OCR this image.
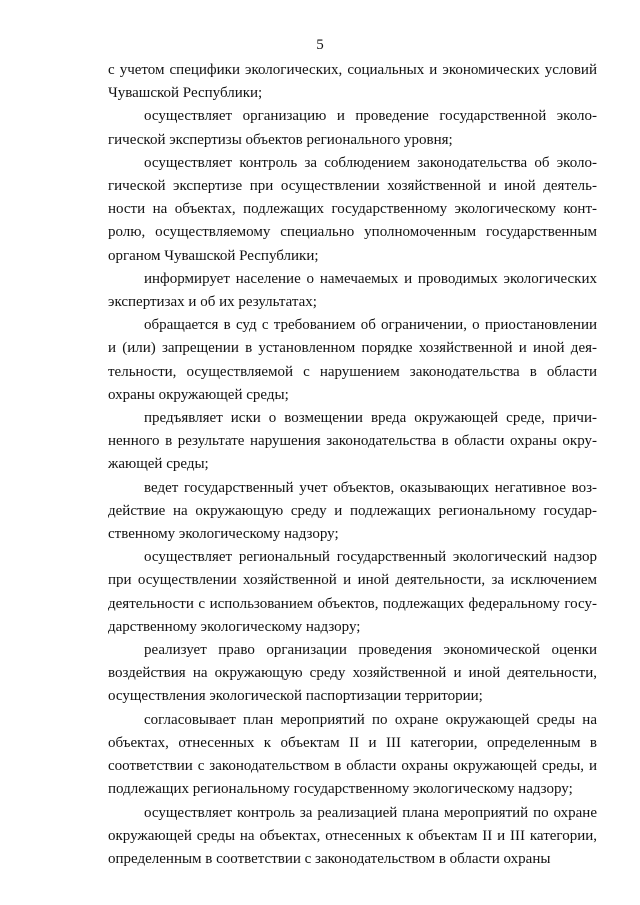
5

с учетом специфики экологических, социальных и экономических условий Чувашской Республики;

осуществляет организацию и проведение государственной экологической экспертизы объектов регионального уровня;

осуществляет контроль за соблюдением законодательства об экологической экспертизе при осуществлении хозяйственной и иной деятельности на объектах, подлежащих государственному экологическому контролю, осуществляемому специально уполномоченным государственным органом Чувашской Республики;

информирует население о намечаемых и проводимых экологических экспертизах и об их результатах;

обращается в суд с требованием об ограничении, о приостановлении и (или) запрещении в установленном порядке хозяйственной и иной деятельности, осуществляемой с нарушением законодательства в области охраны окружающей среды;

предъявляет иски о возмещении вреда окружающей среде, причиненного в результате нарушения законодательства в области охраны окружающей среды;

ведет государственный учет объектов, оказывающих негативное воздействие на окружающую среду и подлежащих региональному государственному экологическому надзору;

осуществляет региональный государственный экологический надзор при осуществлении хозяйственной и иной деятельности, за исключением деятельности с использованием объектов, подлежащих федеральному государственному экологическому надзору;

реализует право организации проведения экономической оценки воздействия на окружающую среду хозяйственной и иной деятельности, осуществления экологической паспортизации территории;

согласовывает план мероприятий по охране окружающей среды на объектах, отнесенных к объектам II и III категории, определенным в соответствии с законодательством в области охраны окружающей среды, и подлежащих региональному государственному экологическому надзору;

осуществляет контроль за реализацией плана мероприятий по охране окружающей среды на объектах, отнесенных к объектам II и III категории, определенным в соответствии с законодательством в области охраны
